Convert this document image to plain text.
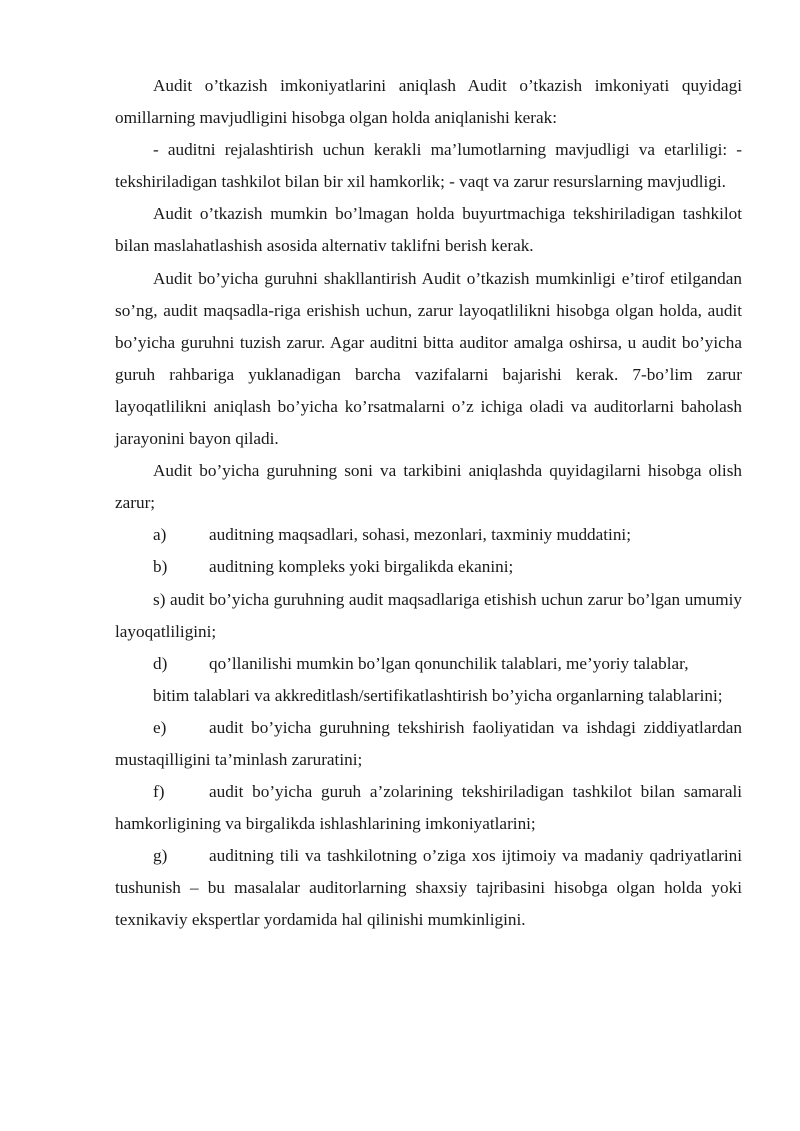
Audit o’tkazish imkoniyatlarini aniqlash Audit o’tkazish imkoniyati quyidagi omillarning mavjudligini hisobga olgan holda aniqlanishi kerak:

- auditni rejalashtirish uchun kerakli ma’lumotlarning mavjudligi va etarliligi: - tekshiriladigan tashkilot bilan bir xil hamkorlik; - vaqt va zarur resurslarning mavjudligi.

Audit o’tkazish mumkin bo’lmagan holda buyurtmachiga tekshiriladigan tashkilot bilan maslahatlashish asosida alternativ taklifni berish kerak.

Audit bo’yicha guruhni shakllantirish Audit o’tkazish mumkinligi e’tirof etilgandan so’ng, audit maqsadla-riga erishish uchun, zarur layoqatlilikni hisobga olgan holda, audit bo’yicha guruhni tuzish zarur. Agar auditni bitta auditor amalga oshirsa, u audit bo’yicha guruh rahbariga yuklanadigan barcha vazifalarni bajarishi kerak. 7-bo’lim zarur layoqatlilikni aniqlash bo’yicha ko’rsatmalarni o’z ichiga oladi va auditorlarni baholash jarayonini bayon qiladi.

Audit bo’yicha guruhning soni va tarkibini aniqlashda quyidagilarni hisobga olish zarur;

a) auditning maqsadlari, sohasi, mezonlari, taxminiy muddatini;

b) auditning kompleks yoki birgalikda ekanini;

s) audit bo’yicha guruhning audit maqsadlariga etishish uchun zarur bo’lgan umumiy layoqatliligini;

d) qo’llanilishi mumkin bo’lgan qonunchilik talablari, me’yoriy talablar,

bitim talablari va akkreditlash/sertifikatlashtirish bo’yicha organlarning talablarini;

e) audit bo’yicha guruhning tekshirish faoliyatidan va ishdagi ziddiyatlardan mustaqilligini ta’minlash zaruratini;

f)	audit bo’yicha guruh a’zolarining tekshiriladigan tashkilot bilan samarali hamkorligining va birgalikda ishlashlarining imkoniyatlarini;

g) auditning tili va tashkilotning o’ziga xos ijtimoiy va madaniy qadriyatlarini tushunish – bu masalalar auditorlarning shaxsiy tajribasini hisobga olgan holda yoki texnikaviy ekspertlar yordamida hal qilinishi mumkinligini.
